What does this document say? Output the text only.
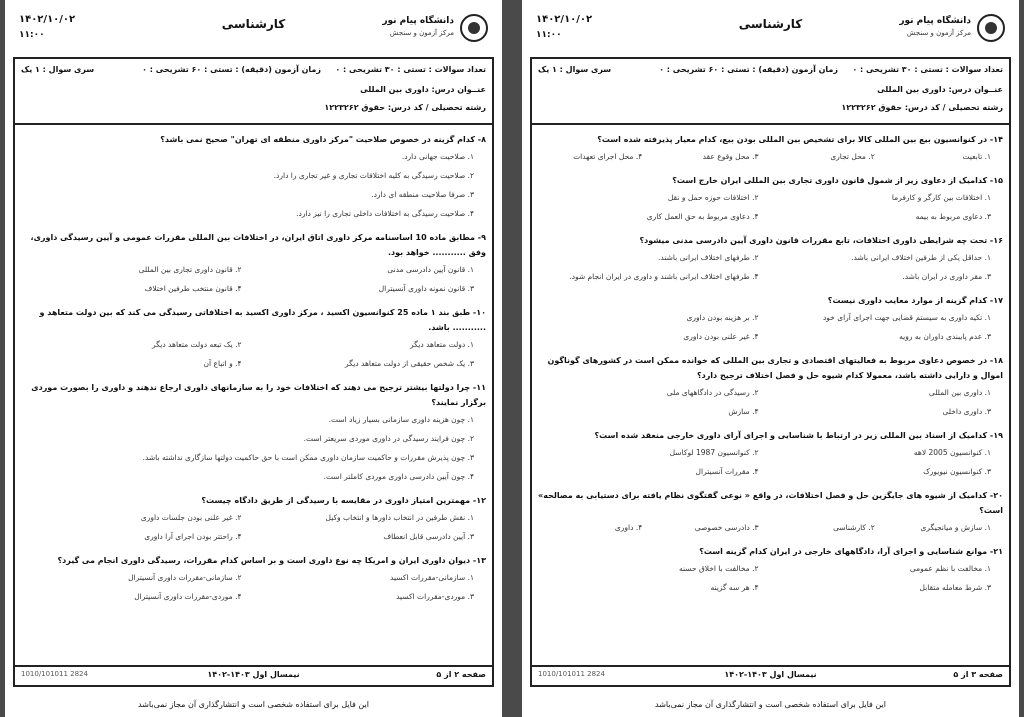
۱۴۰۲/۱۰/۰۲
۱۱:۰۰
کارشناسی	دانشگاه پیام نور
مرکز آزمون و سنجش
تعداد سوالات : تستی : ۳۰ تشریحی : ۰
زمان آزمون (دقیقه) : تستی : ۶۰ تشریحی : ۰
سری سوال : ۱ یک
عنــوان درس: داوری بین المللی
رشته تحصیلی / کد درس: حقوق ۱۲۲۳۲۶۲
۸- کدام گزینه در خصوص صلاحیت "مرکز داوری منطقه ای تهران" صحیح نمی باشد؟
۱. صلاحیت جهانی دارد.
۲. صلاحیت رسیدگی به کلیه اختلافات تجاری و غیر تجاری را دارد.
۳. صرفا صلاحیت منطقه ای دارد.
۴. صلاحیت رسیدگی به اختلافات داخلی تجاری را نیز دارد.
۹- مطابق ماده 10 اساسنامه مرکز داوری اتاق ایران، در اختلافات بین المللی مقررات عمومی و آیین رسیدگی داوری، وفق ........... خواهد بود.
۱. قانون آیین دادرسی مدنی
۲. قانون داوری تجاری بین المللی
۳. قانون نمونه داوری آنسیترال
۴. قانون منتخب طرفین اختلاف
۱۰- طبق بند ۱ ماده 25 کنوانسیون اکسید ، مرکز داوری اکسید به اختلافاتی رسیدگی می کند که بین دولت متعاهد و ........... باشد.
۱. دولت متعاهد دیگر
۲. یک تبعه دولت متعاهد دیگر
۳. یک شخص حقیقی از دولت متعاهد دیگر
۴. و اتباع آن
۱۱- چرا دولتها بیشتر ترجیح می دهند که اختلافات خود را به سازمانهای داوری ارجاع ندهند و داوری را بصورت موردی برگزار نمایند؟
۱. چون هزینه داوری سازمانی بسیار زیاد است.
۲. چون فرایند رسیدگی در داوری موردی سریعتر است.
۳. چون پذیرش مقررات و حاکمیت سازمان داوری ممکن است با حق حاکمیت دولتها سازگاری نداشته باشد.
۴. چون آیین دادرسی داوری موردی کاملتر است.
۱۲- مهمترین امتیاز داوری در مقایسه با رسیدگی از طریق دادگاه چیست؟
۱. نقش طرفین در انتخاب داورها و انتخاب وکیل
۲. غیر علنی بودن جلسات داوری
۳. آیین دادرسی قابل انعطاف
۴. راحتتر بودن اجرای آرا داوری
۱۳- دیوان داوری ایران و امریکا چه نوع داوری است و بر اساس کدام مقررات، رسیدگی داوری انجام می گیرد؟
۱. سازمانی-مقررات اکسید
۲. سازمانی-مقررات داوری آنسیترال
۳. موردی-مقررات اکسید
۴. موردی-مقررات داوری آنسیترال
1010/101011 2824	نیمسال اول ۱۴۰۳-۱۴۰۲	صفحه ۲ از ۵
این فایل برای استفاده شخصی است و انتشارگذاری آن مجاز نمی‌باشد
۱۴۰۲/۱۰/۰۲
۱۱:۰۰
کارشناسی	دانشگاه پیام نور
مرکز آزمون و سنجش
تعداد سوالات : تستی : ۳۰ تشریحی : ۰
زمان آزمون (دقیقه) : تستی : ۶۰ تشریحی : ۰
سری سوال : ۱ یک
عنــوان درس: داوری بین المللی
رشته تحصیلی / کد درس: حقوق ۱۲۲۳۲۶۲
۱۴- در کنوانسیون بیع بین المللی کالا برای تشخیص بین المللی بودن بیع، کدام معیار پذیرفته شده است؟
۱. تابعیت
۲. محل تجاری
۳. محل وقوع عقد
۴. محل اجرای تعهدات
۱۵- کدامیک از دعاوی زیر از شمول قانون داوری تجاری بین المللی ایران خارج است؟
۱. اختلافات بین کارگر و کارفرما
۲. اختلافات حوزه حمل و نقل
۳. دعاوی مربوط به بیمه
۴. دعاوی مربوط به حق العمل کاری
۱۶- تحت چه شرایطی داوری اختلافات، تابع مقررات قانون داوری آیین دادرسی مدنی میشود؟
۱. حداقل یکی از طرفین اختلاف ایرانی باشد.
۲. طرفهای اختلاف ایرانی باشند.
۳. مقر داوری در ایران باشد.
۴. طرفهای اختلاف ایرانی باشند و داوری در ایران انجام شود.
۱۷- کدام گزینه از موارد معایب داوری نیست؟
۱. تکیه داوری به سیستم قضایی جهت اجرای آرای خود
۲. بر هزینه بودن داوری
۳. عدم پایبندی داوران به رویه
۴. غیر علنی بودن داوری
۱۸- در خصوص دعاوی مربوط به فعالیتهای اقتصادی و تجاری بین المللی که خوانده ممکن است در کشورهای گوناگون اموال و دارایی داشته باشد، معمولا کدام شیوه حل و فصل اختلاف ترجیح دارد؟
۱. داوری بین المللی
۲. رسیدگی در دادگاههای ملی
۳. داوری داخلی
۴. سازش
۱۹- کدامیک از اسناد بین المللی زیر در ارتباط با شناسایی و اجرای آرای داوری خارجی منعقد شده است؟
۱. کنوانسیون 2005 لاهه
۲. کنوانسیون 1987 لوکاسل
۳. کنوانسیون نیویورک
۴. مقررات آنسیترال
۲۰- کدامیک از شیوه های جایگزین حل و فصل اختلافات، در واقع « نوعی گفتگوی نظام یافته برای دستیابی به مصالحه» است؟
۱. سازش و میانجیگری
۲. کارشناسی
۳. دادرسی خصوصی
۴. داوری
۲۱- موانع شناسایی و اجرای آرا، دادگاههای خارجی در ایران کدام گزینه است؟
۱. مخالفت با نظم عمومی
۲. مخالفت با اخلاق حسنه
۳. شرط معامله متقابل
۴. هر سه گزینه
1010/101011 2824	نیمسال اول ۱۴۰۳-۱۴۰۲	صفحه ۳ از ۵
این فایل برای استفاده شخصی است و انتشارگذاری آن مجاز نمی‌باشد
